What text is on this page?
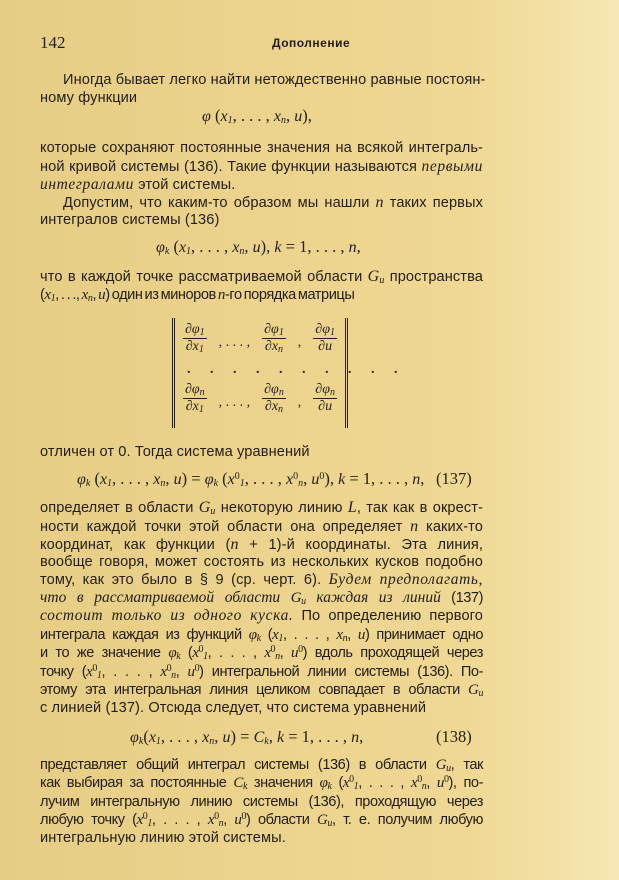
142	Дополнение
Иногда бывает легко найти нетождественно равные постоян-
ному функции
φ (x1, . . . , xn, u),
которые сохраняют постоянные значения на всякой интеграль-
ной кривой системы (136). Такие функции называются первыми
интегралами этой системы.
Допустим, что каким-то образом мы нашли n таких первых
интегралов системы (136)
φk (x1, . . . , xn, u), k = 1, . . . , n,
что в каждой точке рассматриваемой области Gu пространства
(x1, . . ., xn, u) один из миноров n-го порядка матрицы
. . . . . . . . . .
$\frac{\partial\varphi 1}{\partial x1}$ , . . . , $\frac{\partial\varphi 1}{\partial xn}$ , $\frac{\partial\varphi 1}{\partial u}$
$\frac{\partial\varphi n}{\partial x1}$ , . . . , $\frac{\partial\varphi n}{\partial xn}$ , $\frac{\partial\varphi n}{\partial u}$
отличен от 0. Тогда система уравнений
φk (x1, . . . , xn, u) = φk ($x^01$, . . . , $x^0n$, $u^0$), k = 1, . . . , n, (137)
определяет в области Gu некоторую линию L, так как в окрест-
ности каждой точки этой области она определяет n каких-то
координат, как функции (n + 1)-й координаты. Эта линия,
вообще говоря, может состоять из нескольких кусков подобно
тому, как это было в § 9 (ср. черт. 6). Будем предполагать,
что в рассматриваемой области Gu каждая из линий (137)
состоит только из одного куска. По определению первого
интеграла каждая из функций φk (x1, . . . , xn, u) принимает одно
и то же значение φk ($x^01$, . . . , $x^0n$, $u^0$) вдоль проходящей через
точку ($x^01$, . . . , $x^0n$, $u^0$) интегральной линии системы (136). По-
этому эта интегральная линия целиком совпадает в области Gu
с линией (137). Отсюда следует, что система уравнений
φk(x1, . . . , xn, u) = Ck, k = 1, . . . , n,	(138)
представляет общий интеграл системы (136) в области Gu, так
как выбирая за постоянные Ck значения φk ($x^01$, . . . , $x^0n$, $u^0$), по-
лучим интегральную линию системы (136), проходящую через
любую точку ($x^01$, . . . , $x^0n$, $u^0$) области Gu, т. е. получим любую
интегральную линию этой системы.
